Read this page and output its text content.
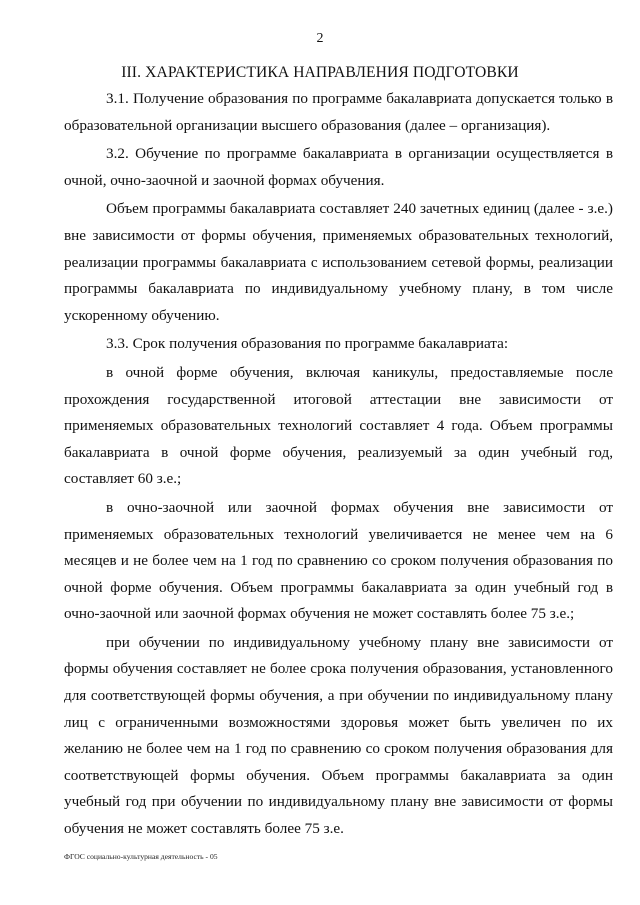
2
III. ХАРАКТЕРИСТИКА НАПРАВЛЕНИЯ ПОДГОТОВКИ

3.1. Получение образования по программе бакалавриата допускается только в образовательной организации высшего образования (далее – организация).

3.2. Обучение по программе бакалавриата в организации осуществляется в очной, очно-заочной и заочной формах обучения.

Объем программы бакалавриата составляет 240 зачетных единиц (далее - з.е.) вне зависимости от формы обучения, применяемых образовательных технологий, реализации программы бакалавриата с использованием сетевой формы, реализации программы бакалавриата по индивидуальному учебному плану, в том числе ускоренному обучению.

3.3. Срок получения образования по программе бакалавриата:

в очной форме обучения, включая каникулы, предоставляемые после прохождения государственной итоговой аттестации вне зависимости от применяемых образовательных технологий составляет 4 года. Объем программы бакалавриата в очной форме обучения, реализуемый за один учебный год, составляет 60 з.е.;

в очно-заочной или заочной формах обучения вне зависимости от применяемых образовательных технологий увеличивается не менее чем на 6 месяцев и не более чем на 1 год по сравнению со сроком получения образования по очной форме обучения. Объем программы бакалавриата за один учебный год в очно-заочной или заочной формах обучения не может составлять более 75 з.е.;

при обучении по индивидуальному учебному плану вне зависимости от формы обучения составляет не более срока получения образования, установленного для соответствующей формы обучения, а при обучении по индивидуальному плану лиц с ограниченными возможностями здоровья может быть увеличен по их желанию не более чем на 1 год по сравнению со сроком получения образования для соответствующей формы обучения. Объем программы бакалавриата за один учебный год при обучении по индивидуальному плану вне зависимости от формы обучения не может составлять более 75 з.е.

ФГОС социально-культурная деятельность - 05
